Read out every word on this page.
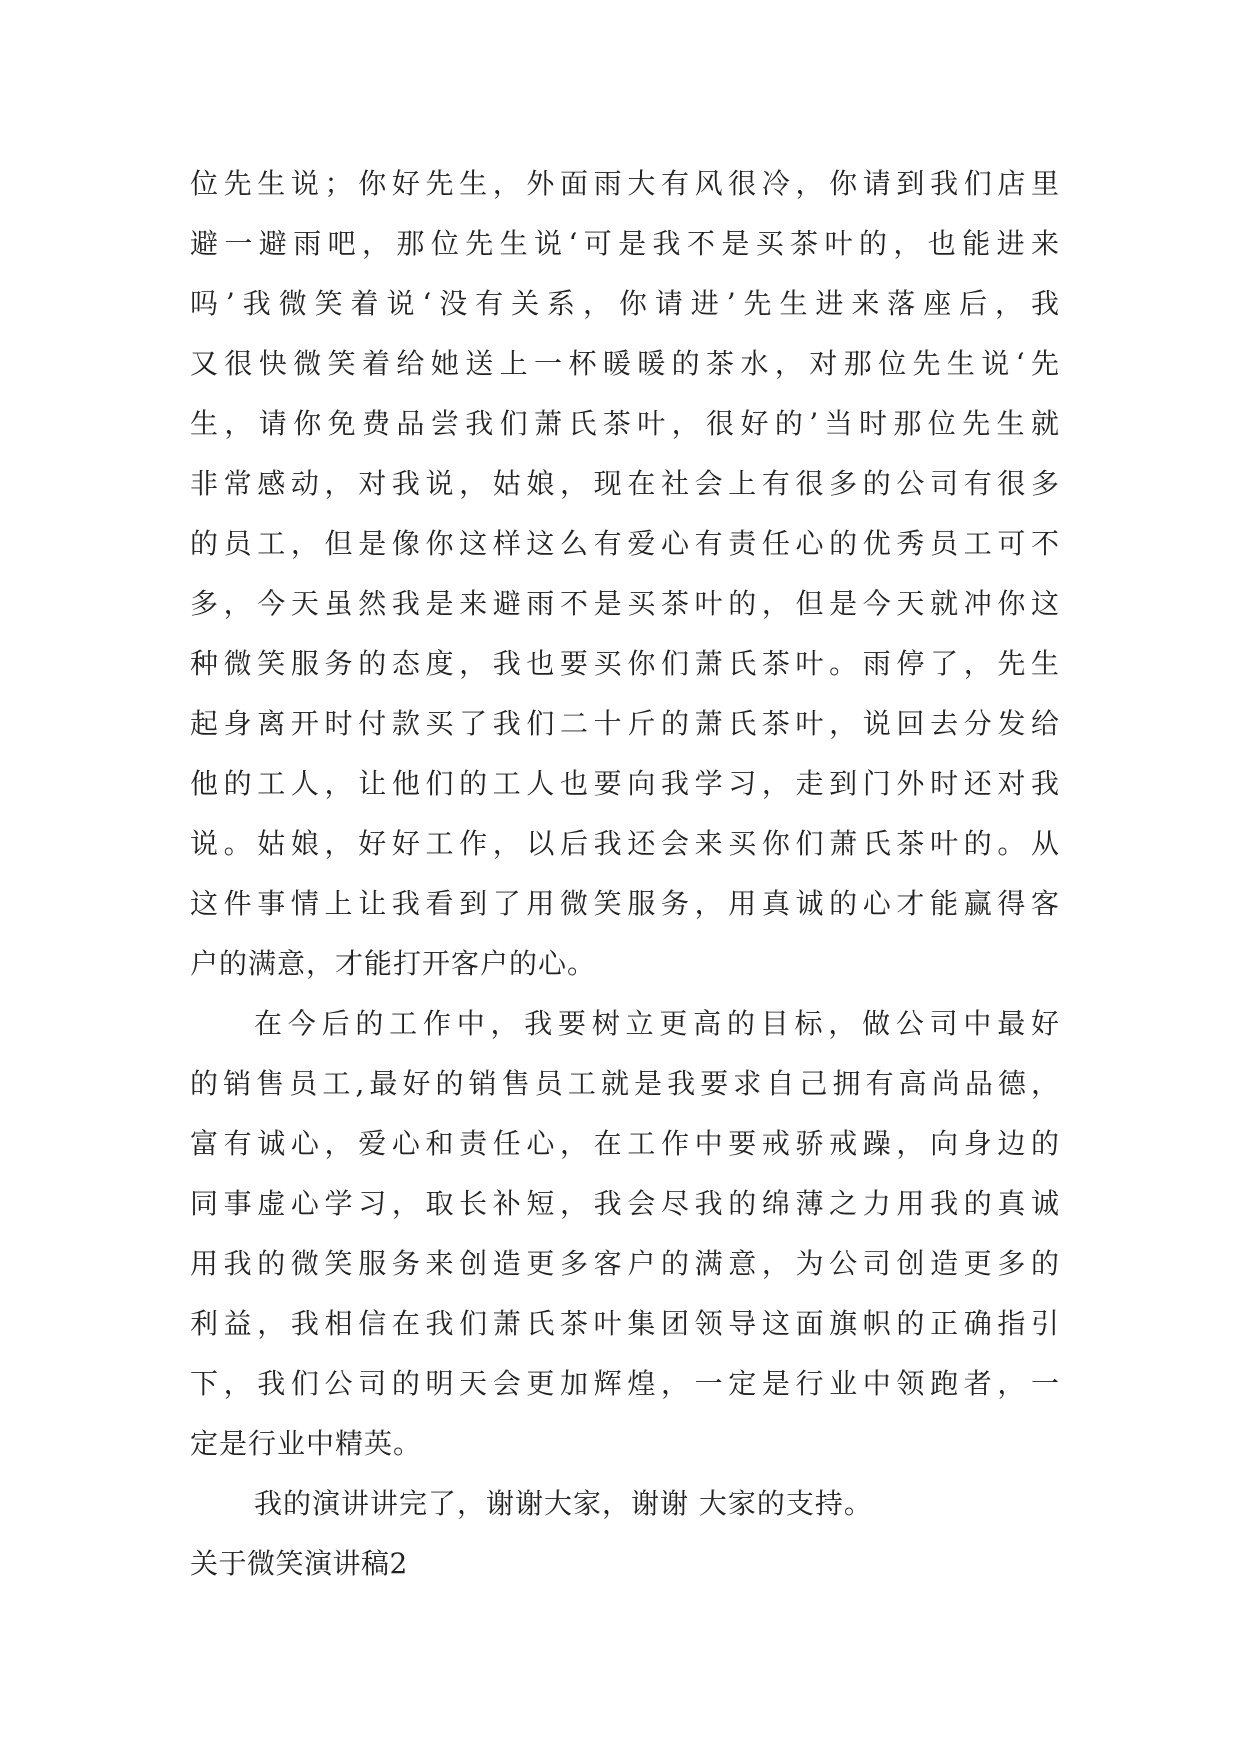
位先生说；你好先生，外面雨大有风很冷，你请到我们店里
避一避雨吧，那位先生说‘可是我不是买茶叶的，也能进来
吗’我微笑着说‘没有关系，你请进’先生进来落座后，我
又很快微笑着给她送上一杯暖暖的茶水，对那位先生说‘先
生，请你免费品尝我们萧氏茶叶，很好的’当时那位先生就
非常感动，对我说，姑娘，现在社会上有很多的公司有很多
的员工，但是像你这样这么有爱心有责任心的优秀员工可不
多，今天虽然我是来避雨不是买茶叶的，但是今天就冲你这
种微笑服务的态度，我也要买你们萧氏茶叶。雨停了，先生
起身离开时付款买了我们二十斤的萧氏茶叶，说回去分发给
他的工人，让他们的工人也要向我学习，走到门外时还对我
说。姑娘，好好工作，以后我还会来买你们萧氏茶叶的。从
这件事情上让我看到了用微笑服务，用真诚的心才能赢得客
户的满意，才能打开客户的心。
在今后的工作中，我要树立更高的目标，做公司中最好
的销售员工,最好的销售员工就是我要求自己拥有高尚品德，
富有诚心，爱心和责任心，在工作中要戒骄戒躁，向身边的
同事虚心学习，取长补短，我会尽我的绵薄之力用我的真诚
用我的微笑服务来创造更多客户的满意，为公司创造更多的
利益，我相信在我们萧氏茶叶集团领导这面旗帜的正确指引
下，我们公司的明天会更加辉煌，一定是行业中领跑者，一
定是行业中精英。
我的演讲讲完了，谢谢大家，谢谢 大家的支持。
关于微笑演讲稿2
